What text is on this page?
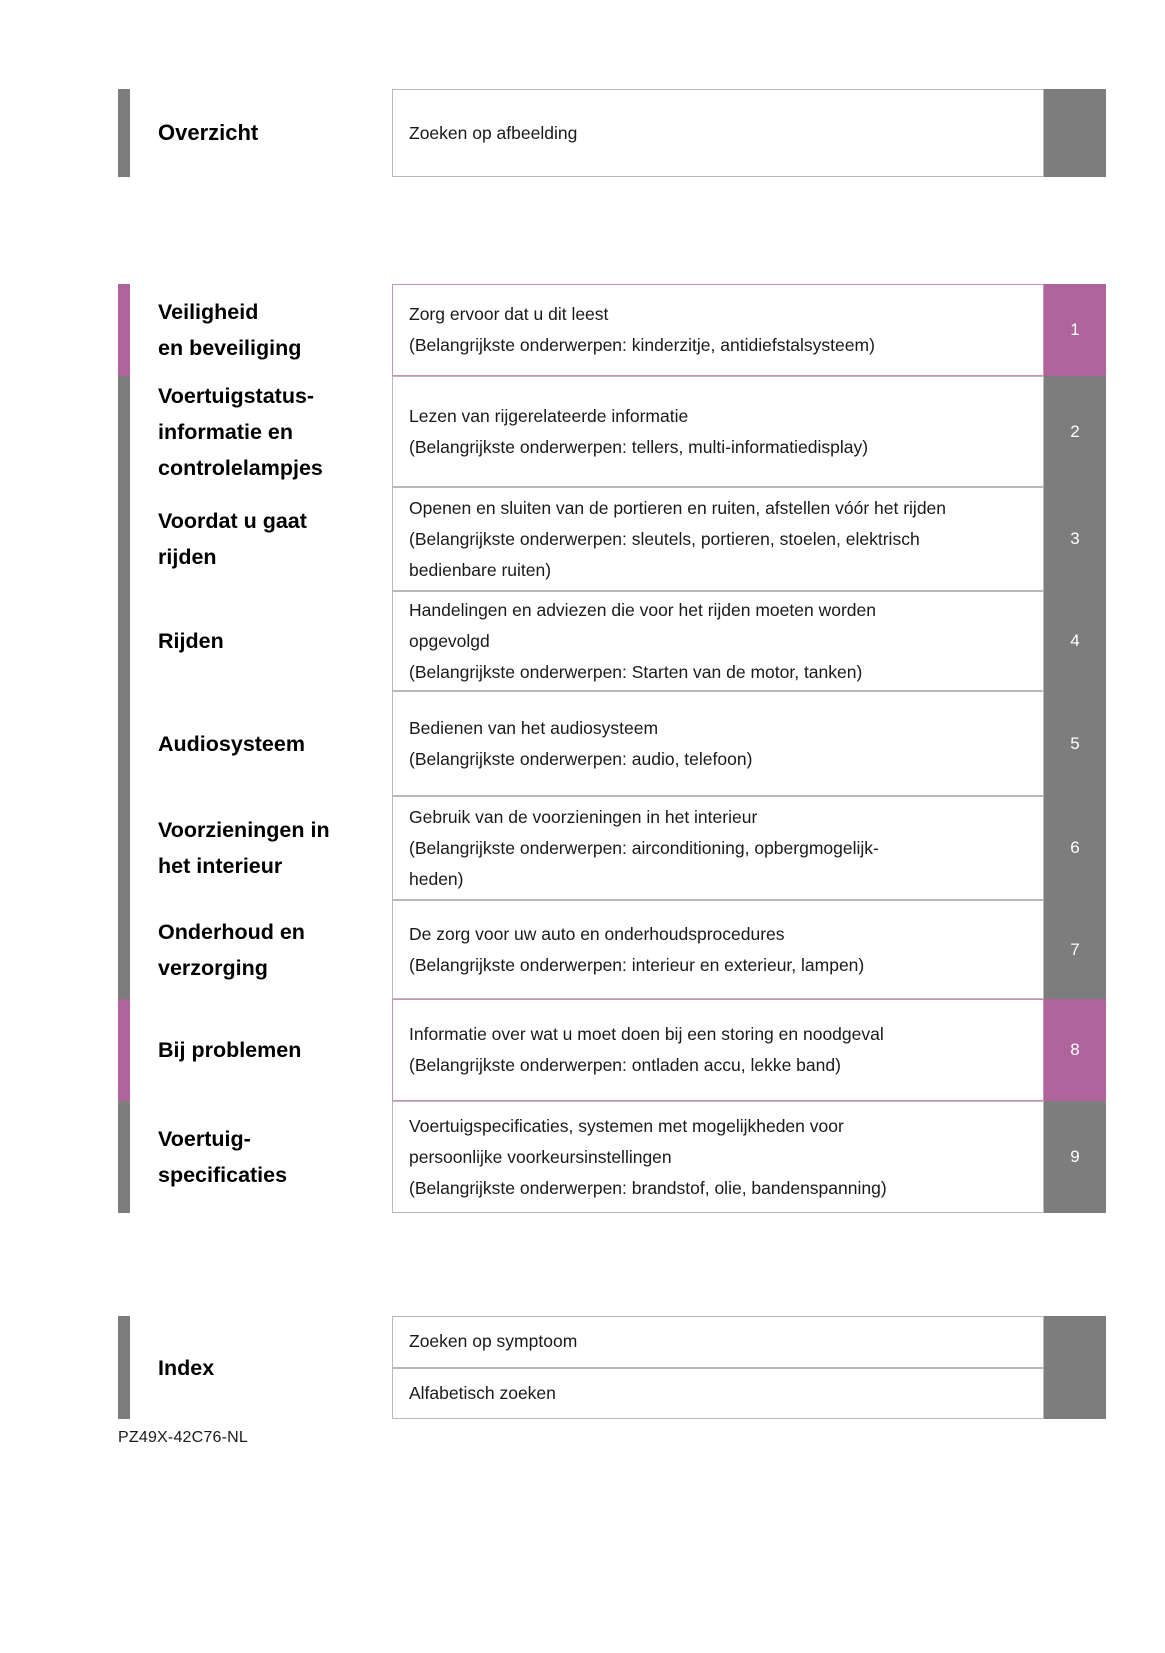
Overzicht	Zoeken op afbeelding
Veiligheid
en beveiliging
Zorg ervoor dat u dit leest
(Belangrijkste onderwerpen: kinderzitje, antidiefstalsysteem)
1
Voertuigstatus-
informatie en
controlelampjes
Lezen van rijgerelateerde informatie
(Belangrijkste onderwerpen: tellers, multi-informatiedisplay)
2
Voordat u gaat
rijden
Openen en sluiten van de portieren en ruiten, afstellen vóór het rijden
(Belangrijkste onderwerpen: sleutels, portieren, stoelen, elektrisch
bedienbare ruiten)
3
Rijden
Handelingen en adviezen die voor het rijden moeten worden
opgevolgd
(Belangrijkste onderwerpen: Starten van de motor, tanken)
4
Audiosysteem
Bedienen van het audiosysteem
(Belangrijkste onderwerpen: audio, telefoon)
5
Voorzieningen in
het interieur
Gebruik van de voorzieningen in het interieur
(Belangrijkste onderwerpen: airconditioning, opbergmogelijk-
heden)
6
Onderhoud en
verzorging
De zorg voor uw auto en onderhoudsprocedures
(Belangrijkste onderwerpen: interieur en exterieur, lampen)
7
Bij problemen
Informatie over wat u moet doen bij een storing en noodgeval
(Belangrijkste onderwerpen: ontladen accu, lekke band)
8
Voertuig-
specificaties
Voertuigspecificaties, systemen met mogelijkheden voor
persoonlijke voorkeursinstellingen
(Belangrijkste onderwerpen: brandstof, olie, bandenspanning)
9
Index
Zoeken op symptoom
Alfabetisch zoeken
PZ49X-42C76-NL
